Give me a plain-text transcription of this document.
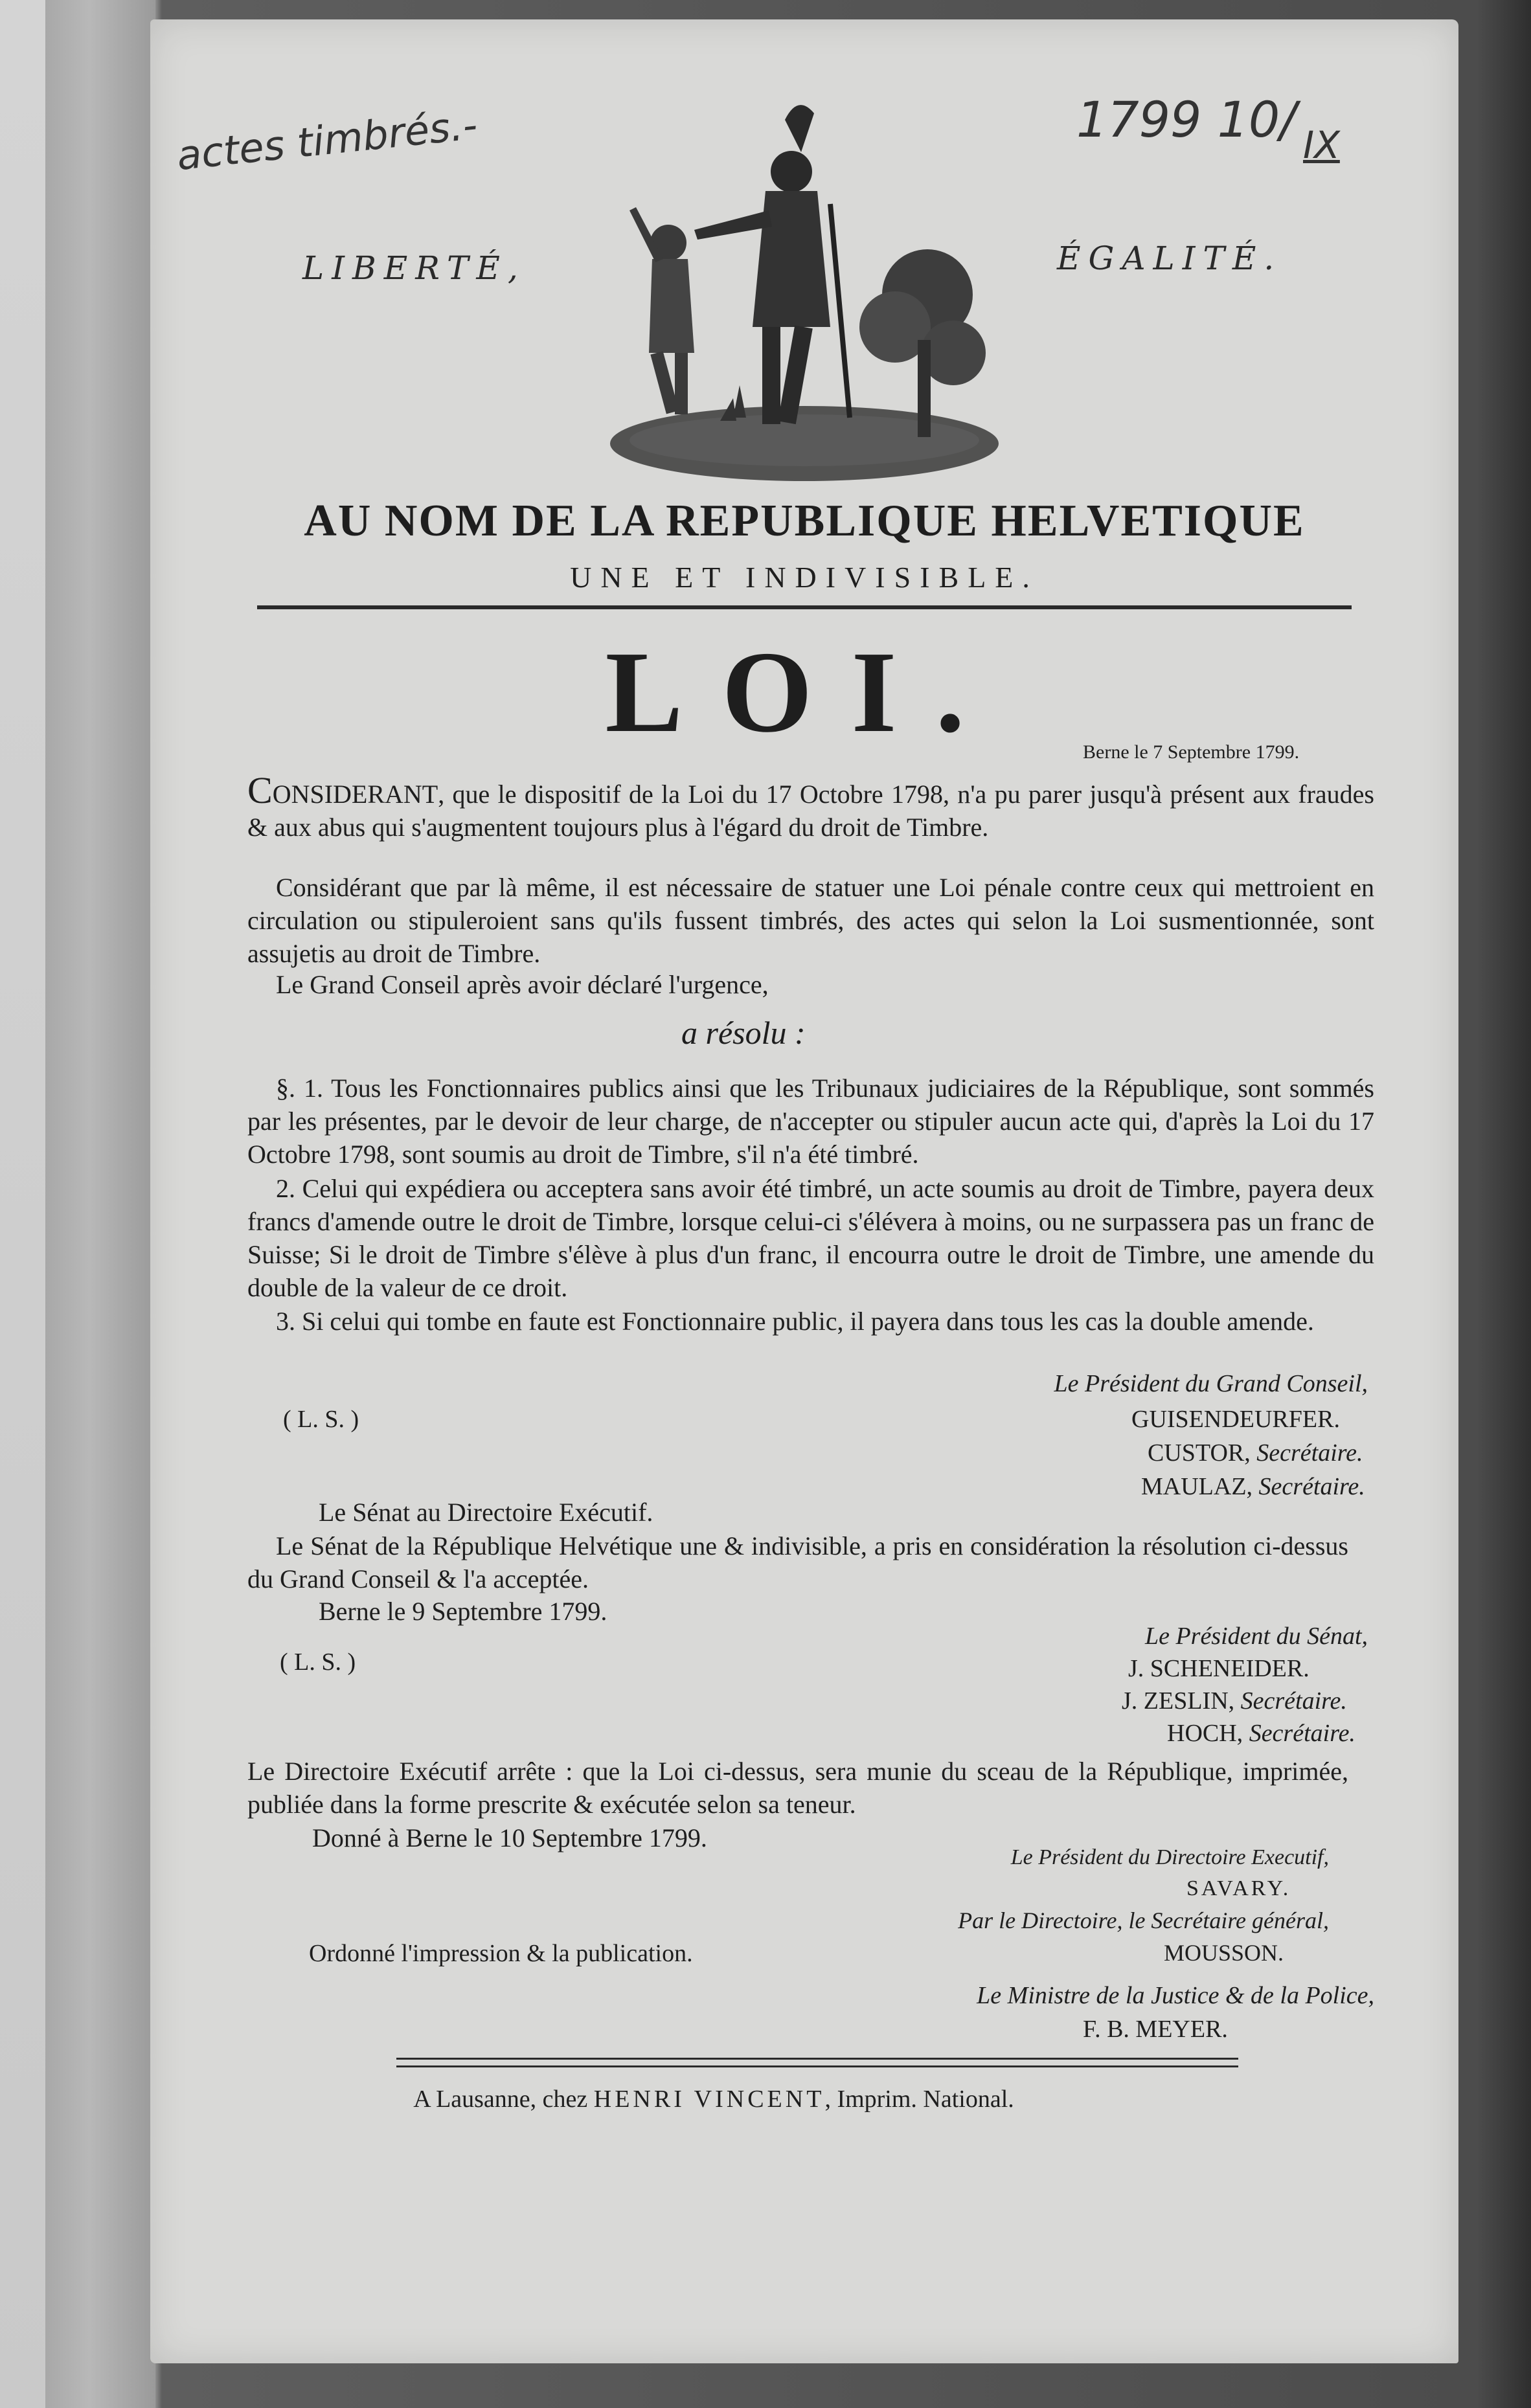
actes timbrés.-	1799 10/ IX
LIBERTÉ,	ÉGALITÉ.
AU NOM DE LA REPUBLIQUE HELVETIQUE
UNE ET INDIVISIBLE.
LOI.	Berne le 7 Septembre 1799.
CONSIDERANT, que le dispositif de la Loi du 17 Octobre 1798, n'a pu parer jusqu'à présent aux fraudes & aux abus qui s'augmentent toujours plus à l'égard du droit de Timbre.
Considérant que par là même, il est nécessaire de statuer une Loi pénale contre ceux qui mettroient en circulation ou stipuleroient sans qu'ils fussent timbrés, des actes qui selon la Loi susmentionnée, sont assujetis au droit de Timbre.
Le Grand Conseil après avoir déclaré l'urgence,
a résolu :
§. 1. Tous les Fonctionnaires publics ainsi que les Tribunaux judiciaires de la République, sont sommés par les présentes, par le devoir de leur charge, de n'accepter ou stipuler aucun acte qui, d'après la Loi du 17 Octobre 1798, sont soumis au droit de Timbre, s'il n'a été timbré.
2. Celui qui expédiera ou acceptera sans avoir été timbré, un acte soumis au droit de Timbre, payera deux francs d'amende outre le droit de Timbre, lorsque celui-ci s'élévera à moins, ou ne surpassera pas un franc de Suisse; Si le droit de Timbre s'élève à plus d'un franc, il encourra outre le droit de Timbre, une amende du double de la valeur de ce droit.
3. Si celui qui tombe en faute est Fonctionnaire public, il payera dans tous les cas la double amende.
Le Président du Grand Conseil,
GUISENDEURFER.
CUSTOR, Secrétaire.
MAULAZ, Secrétaire.
( L. S. )
Le Sénat au Directoire Exécutif.
Le Sénat de la République Helvétique une & indivisible, a pris en considération la résolution ci-dessus du Grand Conseil & l'a acceptée.
Berne le 9 Septembre 1799.
( L. S. )
Le Président du Sénat,
J. SCHENEIDER.
J. ZESLIN, Secrétaire.
HOCH, Secrétaire.
Le Directoire Exécutif arrête : que la Loi ci-dessus, sera munie du sceau de la République, imprimée, publiée dans la forme prescrite & exécutée selon sa teneur.
Donné à Berne le 10 Septembre 1799.
Le Président du Directoire Executif,
SAVARY.
Par le Directoire, le Secrétaire général,
MOUSSON.
Ordonné l'impression & la publication.
Le Ministre de la Justice & de la Police,
F. B. MEYER.
A Lausanne, chez HENRI VINCENT, Imprim. National.
